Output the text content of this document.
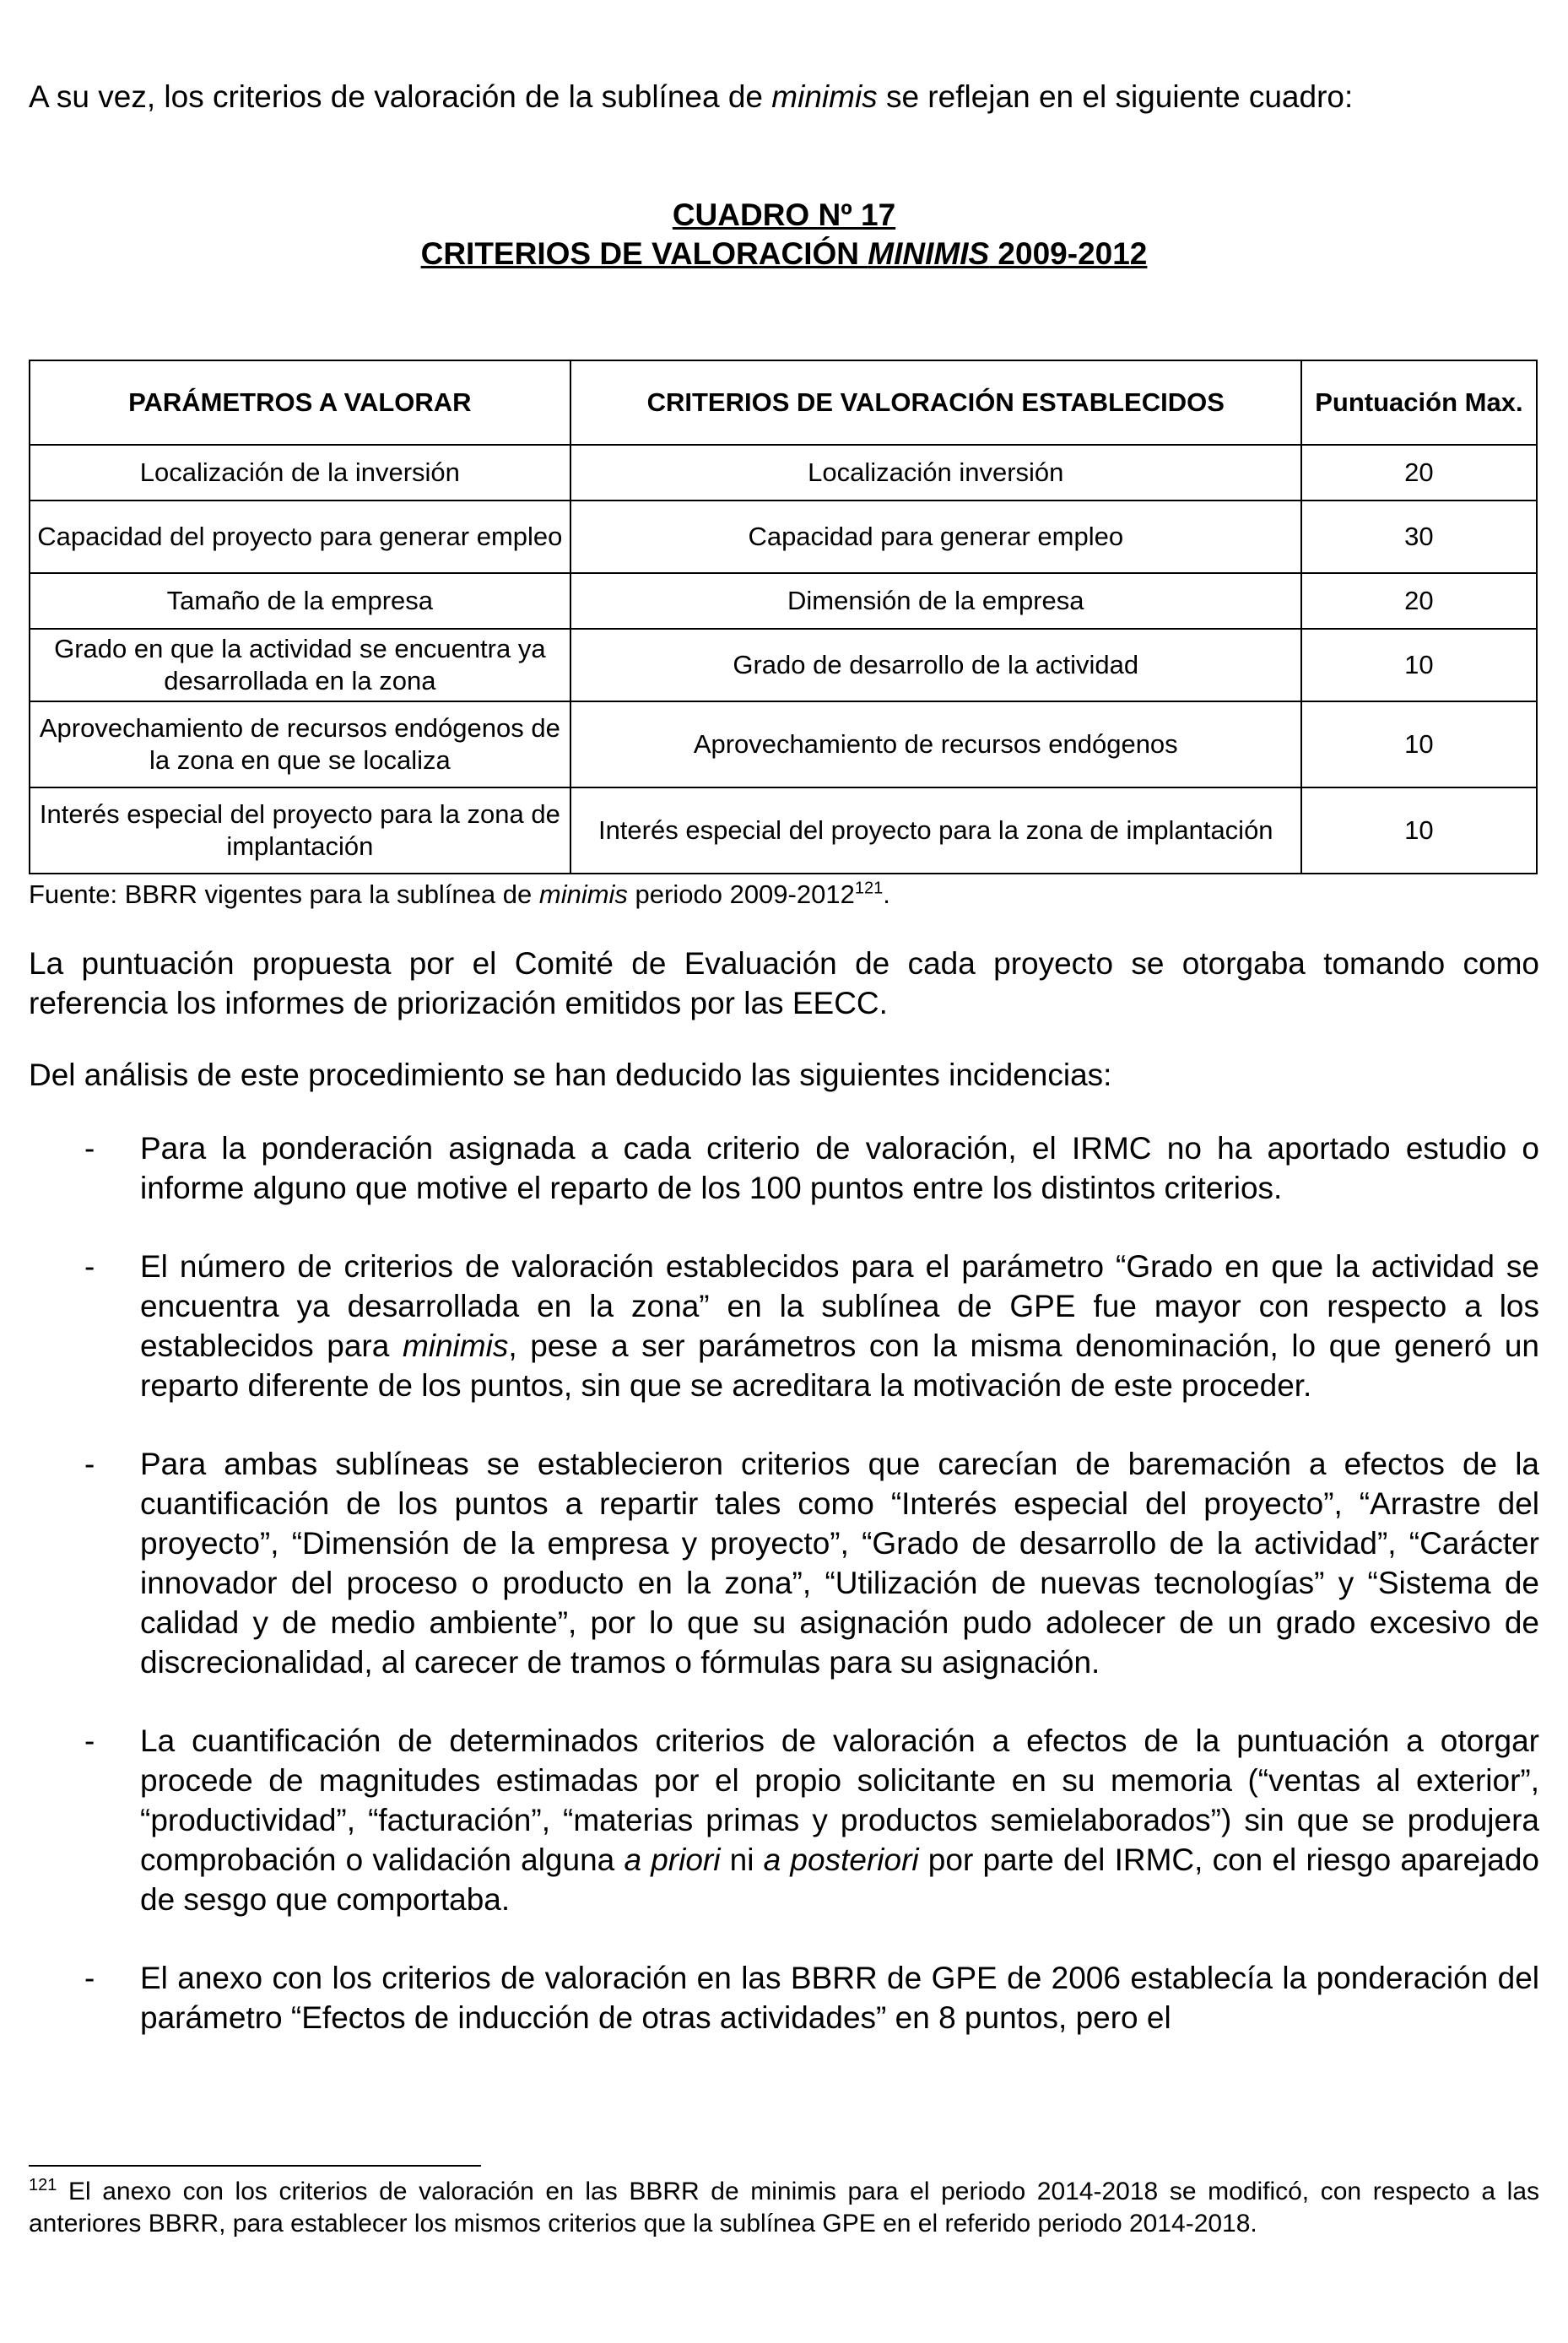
A su vez, los criterios de valoración de la sublínea de minimis se reflejan en el siguiente cuadro:

CUADRO Nº 17
CRITERIOS DE VALORACIÓN MINIMIS 2009-2012
PARÁMETROS A VALORAR	CRITERIOS DE VALORACIÓN ESTABLECIDOS	Puntuación Max.
Localización de la inversión	Localización inversión	20
Capacidad del proyecto para generar empleo	Capacidad para generar empleo	30
Tamaño de la empresa	Dimensión de la empresa	20
Grado en que la actividad se encuentra ya desarrollada en la zona	Grado de desarrollo de la actividad	10
Aprovechamiento de recursos endógenos de la zona en que se localiza	Aprovechamiento de recursos endógenos	10
Interés especial del proyecto para la zona de implantación	Interés especial del proyecto para la zona de implantación	10
Fuente: BBRR vigentes para la sublínea de minimis periodo 2009-2012$^{121}$.

La puntuación propuesta por el Comité de Evaluación de cada proyecto se otorgaba tomando como referencia los informes de priorización emitidos por las EECC.

Del análisis de este procedimiento se han deducido las siguientes incidencias:

- Para la ponderación asignada a cada criterio de valoración, el IRMC no ha aportado estudio o informe alguno que motive el reparto de los 100 puntos entre los distintos criterios.
- El número de criterios de valoración establecidos para el parámetro “Grado en que la actividad se encuentra ya desarrollada en la zona” en la sublínea de GPE fue mayor con respecto a los establecidos para minimis, pese a ser parámetros con la misma denominación, lo que generó un reparto diferente de los puntos, sin que se acreditara la motivación de este proceder.
- Para ambas sublíneas se establecieron criterios que carecían de baremación a efectos de la cuantificación de los puntos a repartir tales como “Interés especial del proyecto”, “Arrastre del proyecto”, “Dimensión de la empresa y proyecto”, “Grado de desarrollo de la actividad”, “Carácter innovador del proceso o producto en la zona”, “Utilización de nuevas tecnologías” y “Sistema de calidad y de medio ambiente”, por lo que su asignación pudo adolecer de un grado excesivo de discrecionalidad, al carecer de tramos o fórmulas para su asignación.
- La cuantificación de determinados criterios de valoración a efectos de la puntuación a otorgar procede de magnitudes estimadas por el propio solicitante en su memoria (“ventas al exterior”, “productividad”, “facturación”, “materias primas y productos semielaborados”) sin que se produjera comprobación o validación alguna a priori ni a posteriori por parte del IRMC, con el riesgo aparejado de sesgo que comportaba.
- El anexo con los criterios de valoración en las BBRR de GPE de 2006 establecía la ponderación del parámetro “Efectos de inducción de otras actividades” en 8 puntos, pero el
$^{121}$ El anexo con los criterios de valoración en las BBRR de minimis para el periodo 2014-2018 se modificó, con respecto a las anteriores BBRR, para establecer los mismos criterios que la sublínea GPE en el referido periodo 2014-2018.
